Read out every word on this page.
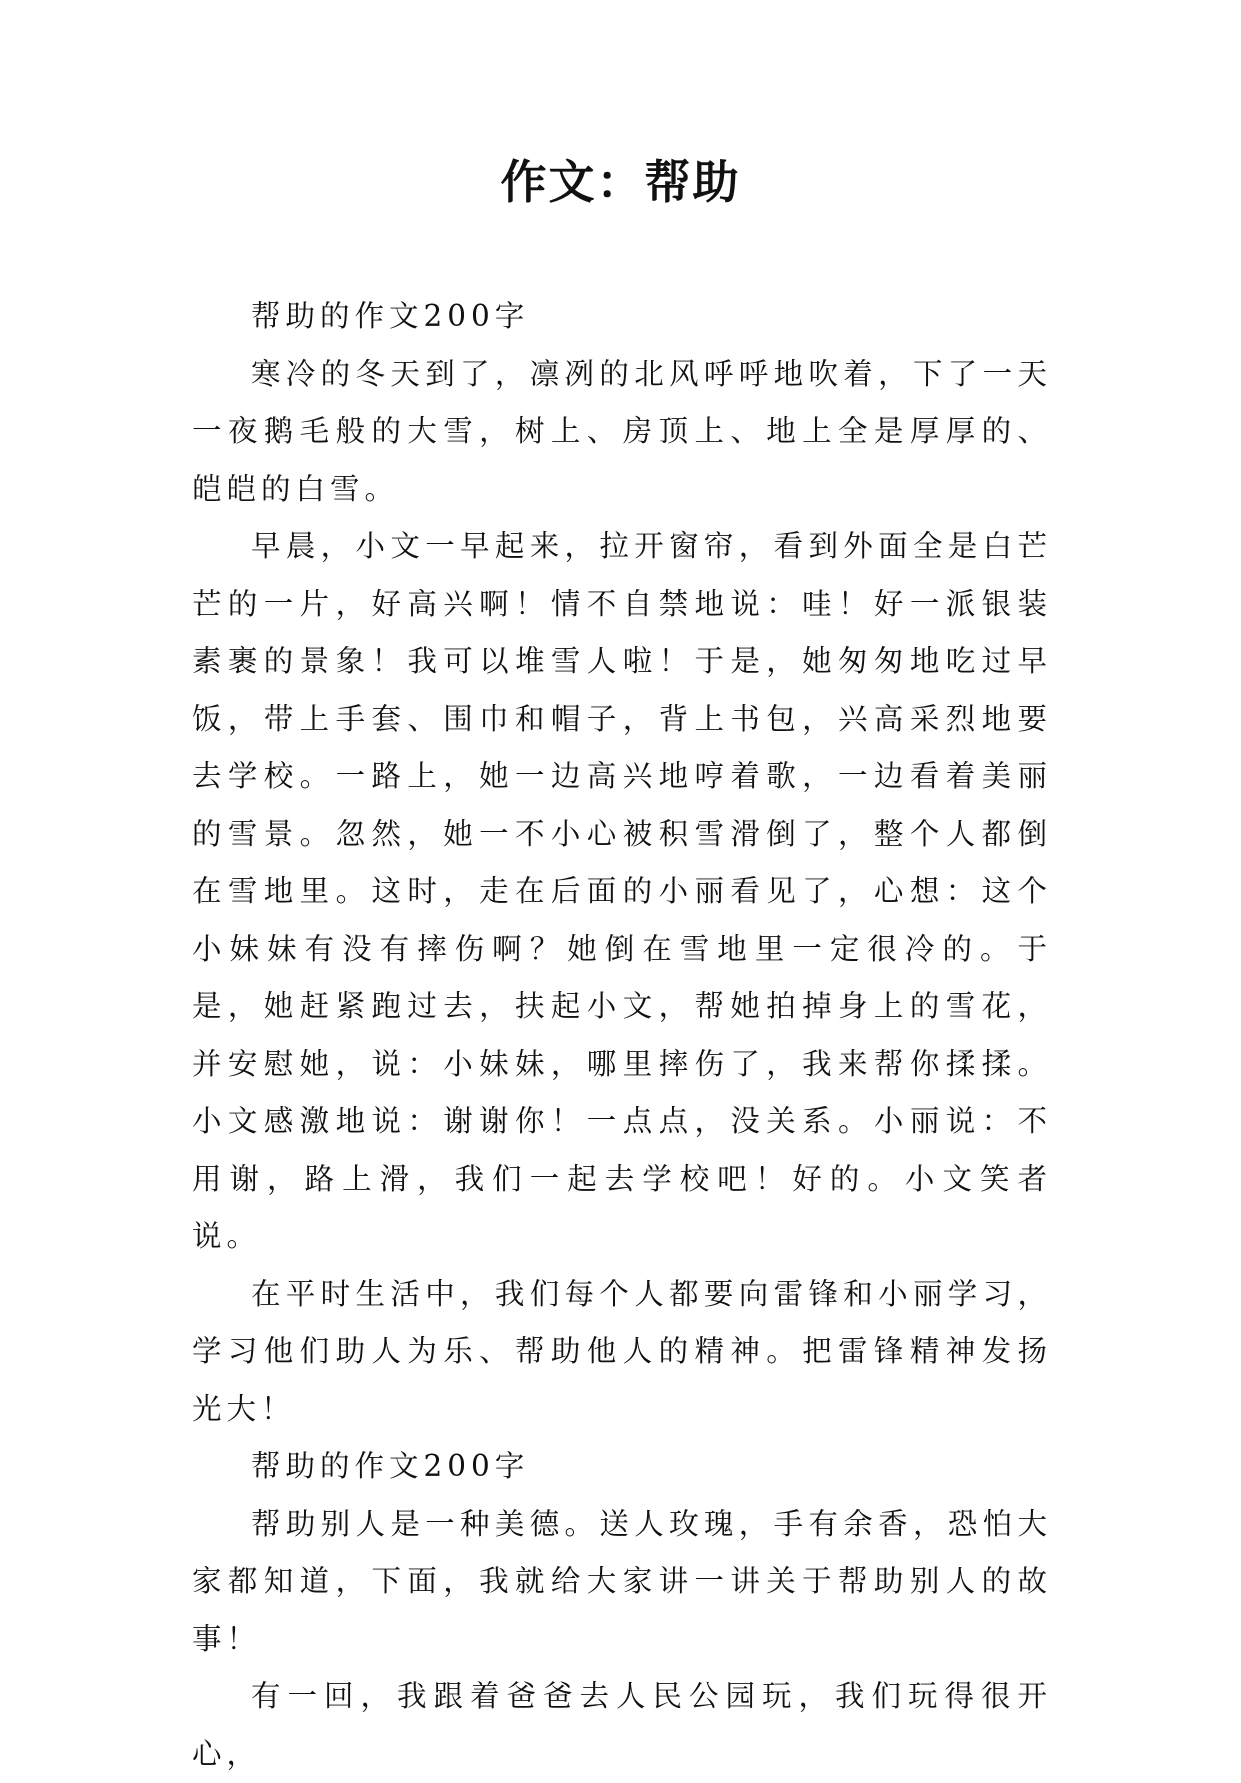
作文：帮助

帮助的作文200字

寒冷的冬天到了，凛冽的北风呼呼地吹着，下了一天一夜鹅毛般的大雪，树上、房顶上、地上全是厚厚的、皑皑的白雪。

早晨，小文一早起来，拉开窗帘，看到外面全是白芒芒的一片，好高兴啊！情不自禁地说：哇！好一派银装素裹的景象！我可以堆雪人啦！于是，她匆匆地吃过早饭，带上手套、围巾和帽子，背上书包，兴高采烈地要去学校。一路上，她一边高兴地哼着歌，一边看着美丽的雪景。忽然，她一不小心被积雪滑倒了，整个人都倒在雪地里。这时，走在后面的小丽看见了，心想：这个小妹妹有没有摔伤啊？她倒在雪地里一定很冷的。于是，她赶紧跑过去，扶起小文，帮她拍掉身上的雪花，并安慰她，说：小妹妹，哪里摔伤了，我来帮你揉揉。小文感激地说：谢谢你！一点点，没关系。小丽说：不用谢，路上滑，我们一起去学校吧！好的。小文笑者说。

在平时生活中，我们每个人都要向雷锋和小丽学习，学习他们助人为乐、帮助他人的精神。把雷锋精神发扬光大！

帮助的作文200字

帮助别人是一种美德。送人玫瑰，手有余香，恐怕大家都知道，下面，我就给大家讲一讲关于帮助别人的故事！

有一回，我跟着爸爸去人民公园玩，我们玩得很开心，
